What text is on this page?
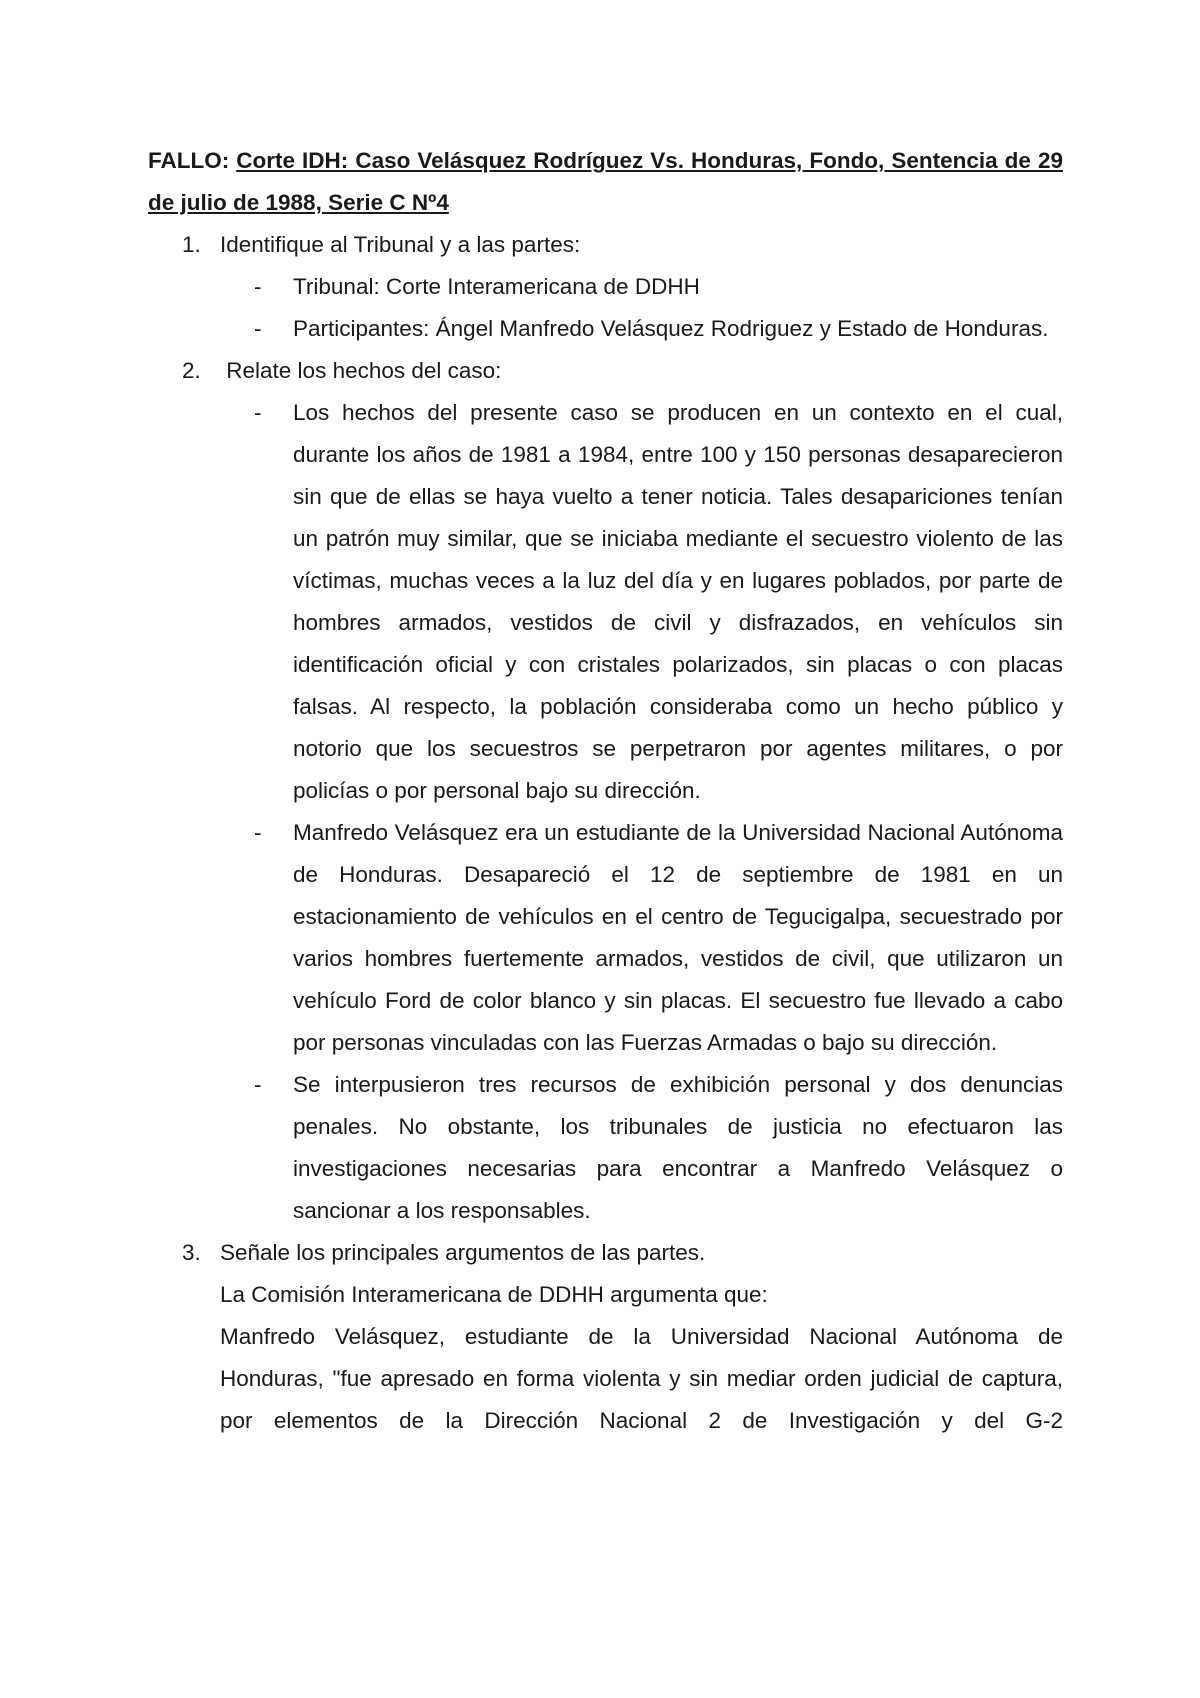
FALLO: Corte IDH: Caso Velásquez Rodríguez Vs. Honduras, Fondo, Sentencia de 29 de julio de 1988, Serie C Nº4

1. Identifique al Tribunal y a las partes:

- Tribunal: Corte Interamericana de DDHH

- Participantes: Ángel Manfredo Velásquez Rodriguez y Estado de Honduras.

2. Relate los hechos del caso:

- Los hechos del presente caso se producen en un contexto en el cual, durante los años de 1981 a 1984, entre 100 y 150 personas desaparecieron sin que de ellas se haya vuelto a tener noticia. Tales desapariciones tenían un patrón muy similar, que se iniciaba mediante el secuestro violento de las víctimas, muchas veces a la luz del día y en lugares poblados, por parte de hombres armados, vestidos de civil y disfrazados, en vehículos sin identificación oficial y con cristales polarizados, sin placas o con placas falsas. Al respecto, la población consideraba como un hecho público y notorio que los secuestros se perpetraron por agentes militares, o por policías o por personal bajo su dirección.

- Manfredo Velásquez era un estudiante de la Universidad Nacional Autónoma de Honduras. Desapareció el 12 de septiembre de 1981 en un estacionamiento de vehículos en el centro de Tegucigalpa, secuestrado por varios hombres fuertemente armados, vestidos de civil, que utilizaron un vehículo Ford de color blanco y sin placas. El secuestro fue llevado a cabo por personas vinculadas con las Fuerzas Armadas o bajo su dirección.

- Se interpusieron tres recursos de exhibición personal y dos denuncias penales. No obstante, los tribunales de justicia no efectuaron las investigaciones necesarias para encontrar a Manfredo Velásquez o sancionar a los responsables.

3. Señale los principales argumentos de las partes.

La Comisión Interamericana de DDHH argumenta que:

Manfredo Velásquez, estudiante de la Universidad Nacional Autónoma de Honduras, "fue apresado en forma violenta y sin mediar orden judicial de captura, por elementos de la Dirección Nacional 2 de Investigación y del G-2
